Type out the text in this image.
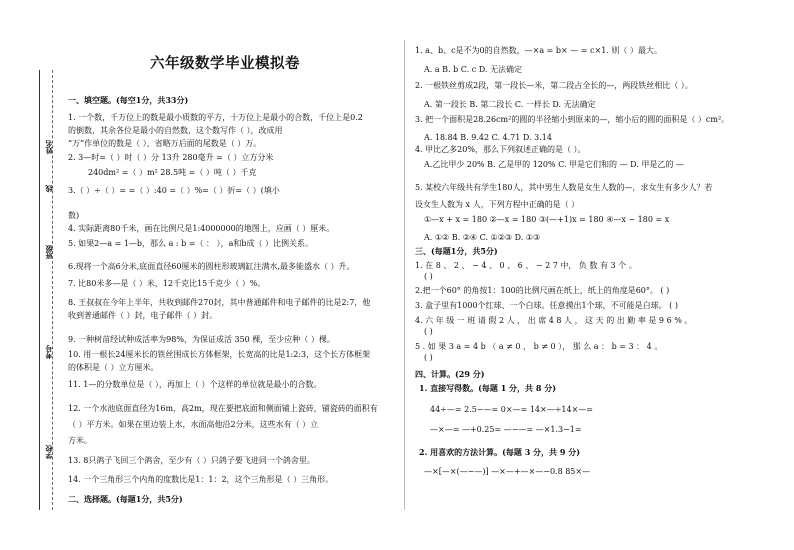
六年级数学毕业模拟卷
姓名
线
班级
考号
学校
一、填空题。(每空1分，共33分)
1. 一个数，千万位上的数是最小质数的平方，十万位上是最小的合数，千位上是0.2
的倒数，其余各位是最小的自然数，这个数写作（ ），改成用
“万”作单位的数是（ ），省略万后面的尾数是（ ）万。
2. 3—时=（ ）时（ ）分 13升 280毫升 =（ ）立方分米
240dm² =（ ）m² 28.5吨 =（ ）吨（ ）千克
3.（ ）÷（ ）= =（ ）:40 =（ ）%=（ ）折=（ ）(填小
数)
4. 实际距离80千米，画在比例尺是1:4000000的地图上，应画（ ）厘米。
5. 如果2—a = 1—b，那么 a : b =（ ： ），a和b成（ ）比例关系。
6.现将一个高6分米,底面直径60厘米的圆柱形玻璃缸注满水,最多能盛水（ ）升。
7. 比80米多—是（ ）米，12千克比15千克少（ ）%。
8. 王叔叔在今年上半年，共收到邮件270封，其中普通邮件和电子邮件的比是2:7，他
收到普通邮件（ ）封，电子邮件（ ）封。
9. 一种树苗经试种成活率为98%，为保证成活 350 棵，至少应种（ ）棵。
10. 用一根长24厘米长的铁丝围成长方体框架，长宽高的比是1:2:3，这个长方体框架
的体积是（ ）立方厘米。
11. 1—的分数单位是（ ），再加上（ ）个这样的单位就是最小的合数。
12. 一个水池底面直径为16m，高2m，现在要把底面和侧面铺上瓷砖，铺瓷砖的面积有
（ ）平方米。如果在里边装上水，水面高他沿2分米，这些水有（ ）立
方米。
13. 8只鸽子飞回三个鸽舍，至少有（ ）只鸽子要飞进同一个鸽舍里。
14. 一个三角形三个内角的度数比是1：1：2，这个三角形是（ ）三角形。
二、选择题。(每题1分，共5分)
1. a、b、c是不为0的自然数，—×a = b× — = c×1. 则（ ）最大。
A. a B. b C. c D. 无法确定
2. 一根铁丝剪成2段，第一段长—米，第二段占全长的—，两段铁丝相比（ ）。
A. 第一段长 B. 第二段长 C. 一样长 D. 无法确定
3. 把一个面积是28.26cm²的圆的半径缩小到原来的—，缩小后的圆的面积是（ ）cm²。
A. 18.84 B. 9.42 C. 4.71 D. 3.14
4. 甲比乙多20%，那么下列叙述正确的是（ ）。
A.乙比甲少 20% B. 乙是甲的 120% C. 甲是它们和的 — D. 甲是乙的 —
5. 某校六年级共有学生180人，其中男生人数是女生人数的—，求女生有多少人？若
设女生人数为 x 人，下列方程中正确的是（ ）
①—x + x = 180 ②—x = 180 ③(—+1)x = 180 ④—x − 180 = x
A. ①② B. ②④ C. ①②③ D. ①③
三、(每题1分，共5分)
1. 在 8 、 2 、 − 4 、 0 、 6 、 − 2 7 中， 负 数 有 3 个 。
( )
2.把一个60° 的角按1：100的比例尺画在纸上，纸上的角度是60°。 ( )
3. 盒子里有1000个红球、一个白球。任意摸出1个球，不可能是白球。 ( )
4. 六 年 级 一 班 请 假 2 人 ， 出 席 4 8 人 ， 这 天 的 出 勤 率 是 9 6 % 。
( )
5 . 如 果 3 a = 4 b （ a ≠ 0 ， b ≠ 0 ）， 那 么 a ： b = 3 ： 4 。
( )
四、计算。(29 分)
1. 直接写得数。(每题 1 分，共 8 分)
44÷—= 2.5−—= 0×—= 14×—÷14×—=
—×—= —+0.25= —−—= —×1.3−1=
2. 用喜欢的方法计算。(每题 3 分，共 9 分)
—×[—×(—−—)] —×—+—×—−0.8 85×—
